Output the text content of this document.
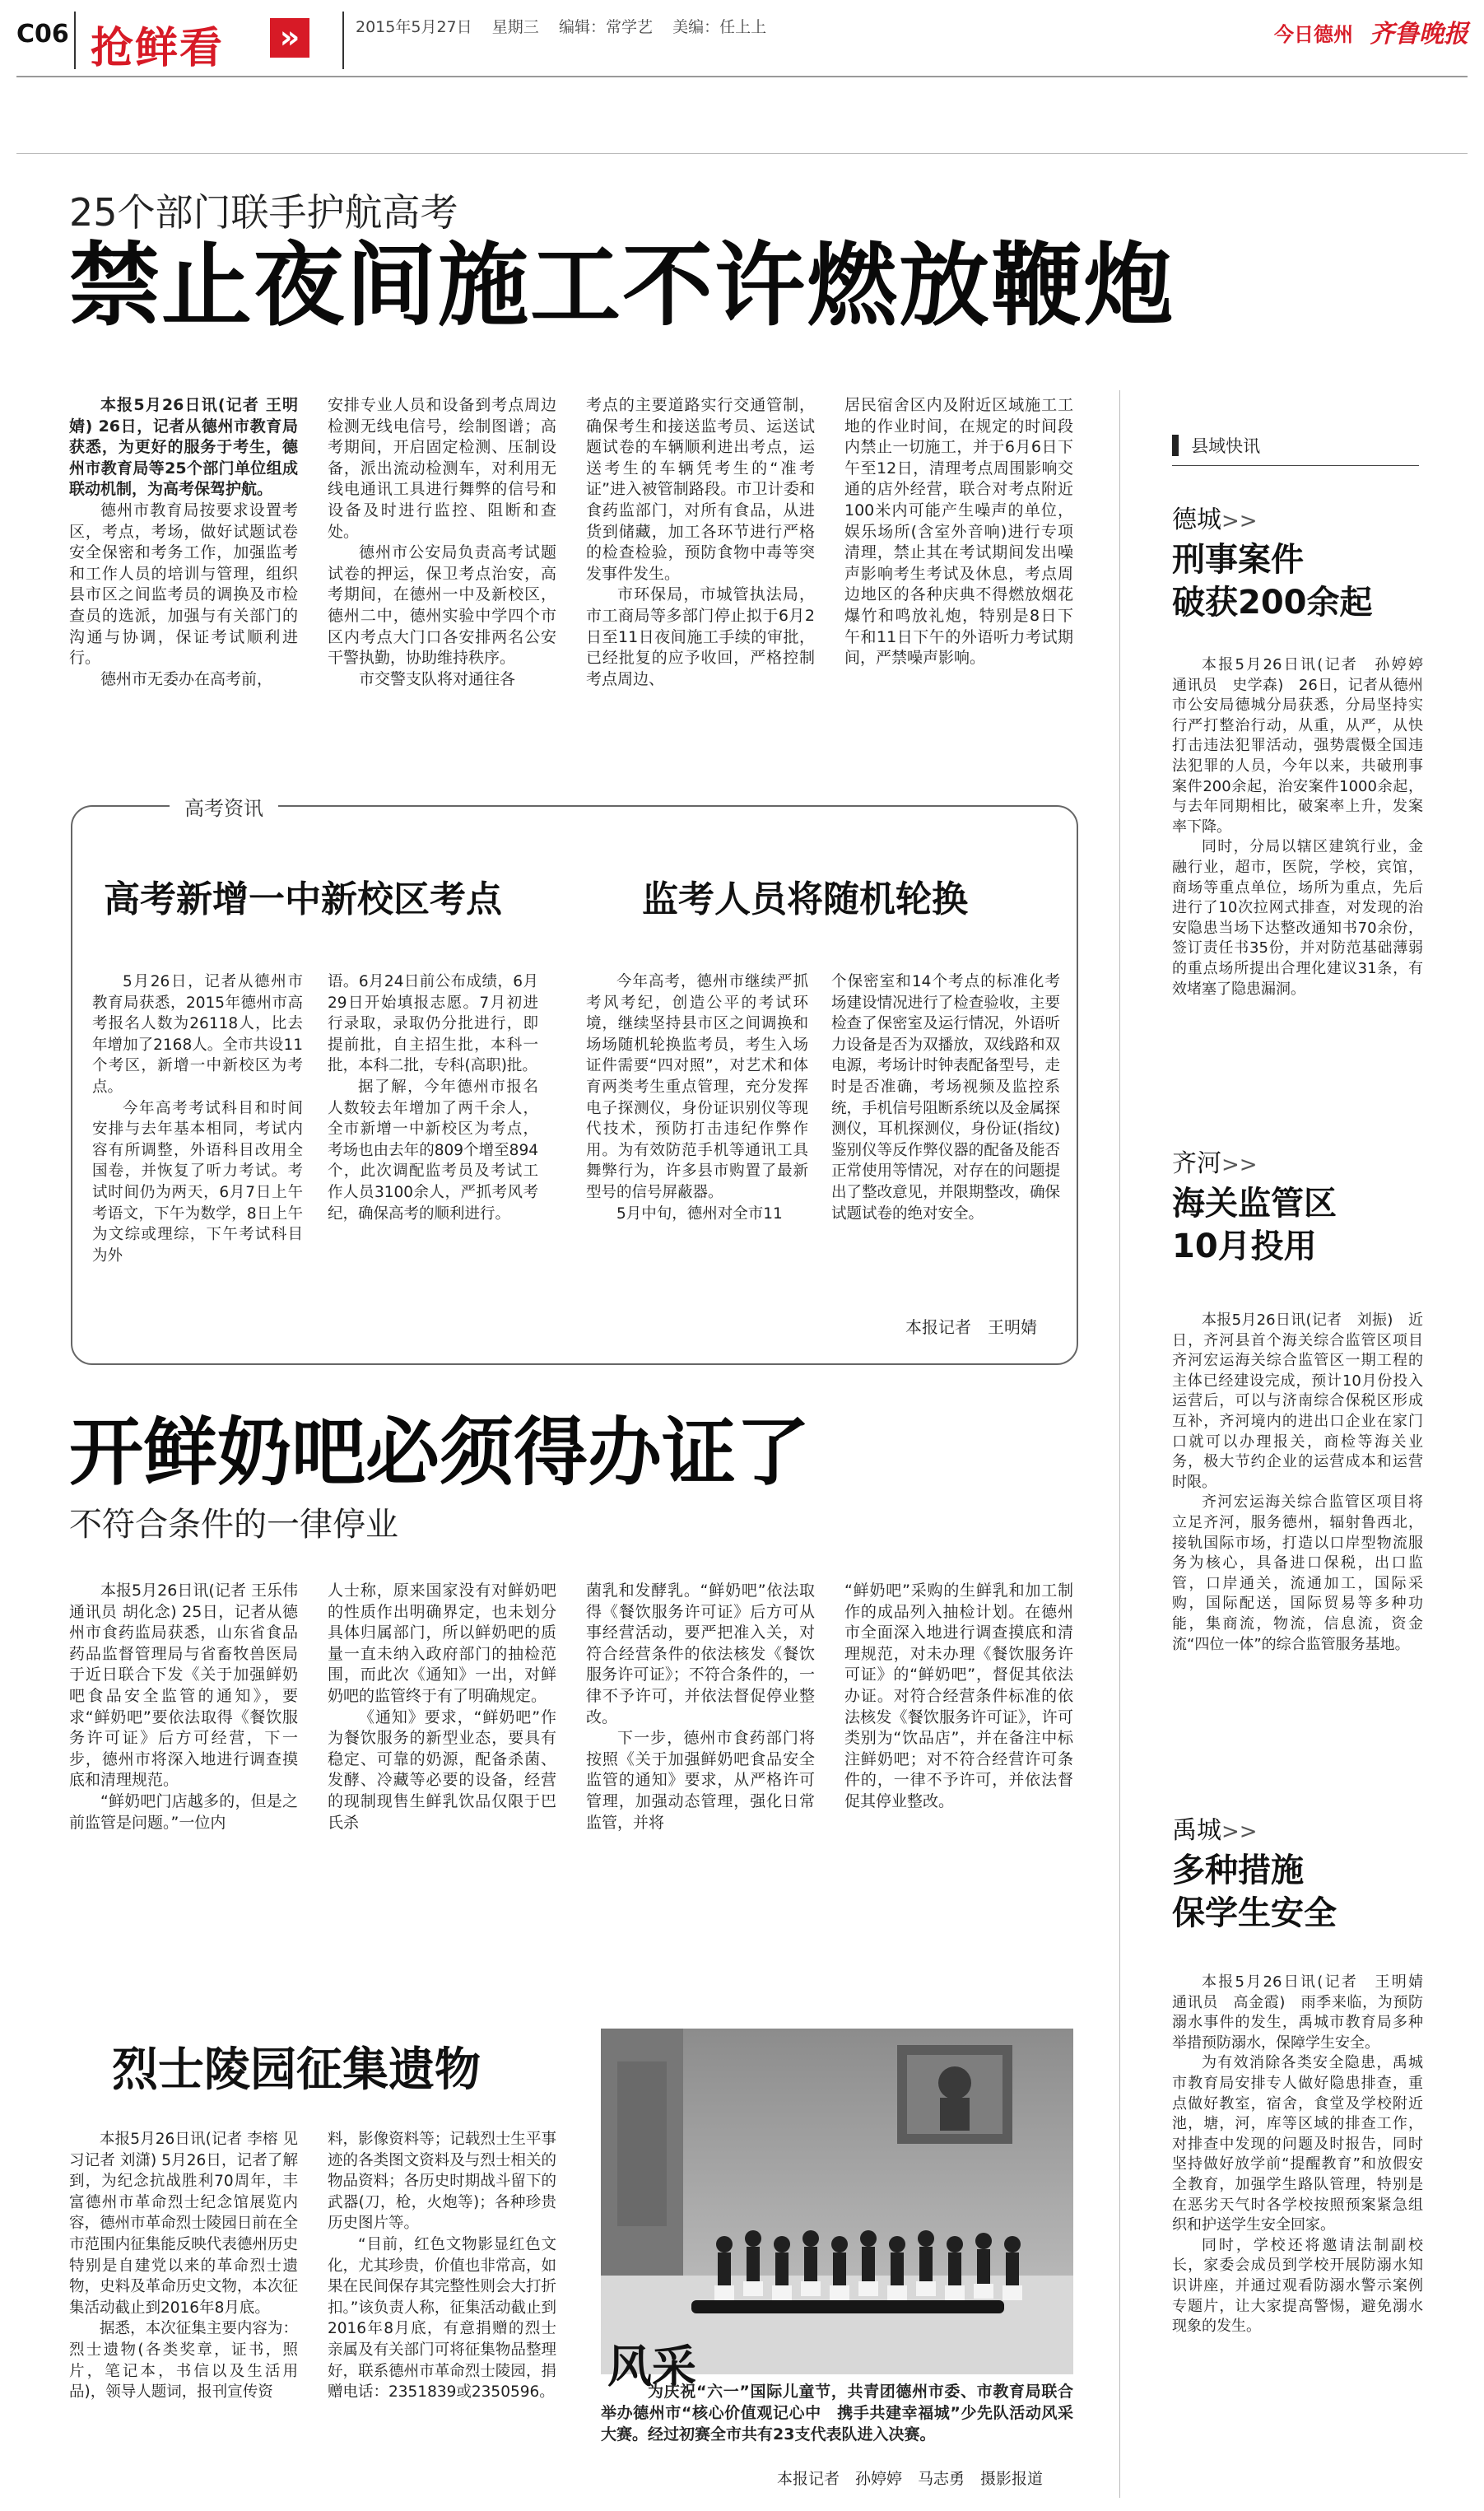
C06 抢鲜看	»	2015年5月27日 星期三 编辑：常学艺 美编：任上上	今日德州 齐鲁晚报
25个部门联手护航高考
禁止夜间施工不许燃放鞭炮

本报5月26日讯(记者 王明婧) 26日，记者从德州市教育局获悉，为更好的服务于考生，德州市教育局等25个部门单位组成联动机制，为高考保驾护航。

德州市教育局按要求设置考区，考点，考场，做好试题试卷安全保密和考务工作，加强监考和工作人员的培训与管理，组织县市区之间监考员的调换及市检查员的选派，加强与有关部门的沟通与协调，保证考试顺利进行。

德州市无委办在高考前，

安排专业人员和设备到考点周边检测无线电信号，绘制图谱；高考期间，开启固定检测、压制设备，派出流动检测车，对利用无线电通讯工具进行舞弊的信号和设备及时进行监控、阻断和查处。

德州市公安局负责高考试题试卷的押运，保卫考点治安，高考期间，在德州一中及新校区，德州二中，德州实验中学四个市区内考点大门口各安排两名公安干警执勤，协助维持秩序。

市交警支队将对通往各

考点的主要道路实行交通管制，确保考生和接送监考员、运送试题试卷的车辆顺利进出考点，运送考生的车辆凭考生的“准考证”进入被管制路段。市卫计委和食药监部门，对所有食品，从进货到储藏，加工各环节进行严格的检查检验，预防食物中毒等突发事件发生。

市环保局，市城管执法局，市工商局等多部门停止拟于6月2日至11日夜间施工手续的审批，已经批复的应予收回，严格控制考点周边、

居民宿舍区内及附近区域施工工地的作业时间，在规定的时间段内禁止一切施工，并于6月6日下午至12日，清理考点周围影响交通的店外经营，联合对考点附近100米内可能产生噪声的单位，娱乐场所(含室外音响)进行专项清理，禁止其在考试期间发出噪声影响考生考试及休息，考点周边地区的各种庆典不得燃放烟花爆竹和鸣放礼炮，特别是8日下午和11日下午的外语听力考试期间，严禁噪声影响。

高考资讯
高考新增一中新校区考点	监考人员将随机轮换

5月26日，记者从德州市教育局获悉，2015年德州市高考报名人数为26118人，比去年增加了2168人。全市共设11个考区，新增一中新校区为考点。

今年高考考试科目和时间安排与去年基本相同，考试内容有所调整，外语科目改用全国卷，并恢复了听力考试。考试时间仍为两天，6月7日上午考语文，下午为数学，8日上午为文综或理综，下午考试科目为外

语。6月24日前公布成绩，6月29日开始填报志愿。7月初进行录取，录取仍分批进行，即提前批，自主招生批，本科一批，本科二批，专科(高职)批。

据了解，今年德州市报名人数较去年增加了两千余人，全市新增一中新校区为考点，考场也由去年的809个增至894个，此次调配监考员及考试工作人员3100余人，严抓考风考纪，确保高考的顺利进行。

今年高考，德州市继续严抓考风考纪，创造公平的考试环境，继续坚持县市区之间调换和场场随机轮换监考员，考生入场证件需要“四对照”，对艺术和体育两类考生重点管理，充分发挥电子探测仪，身份证识别仪等现代技术，预防打击违纪作弊作用。为有效防范手机等通讯工具舞弊行为，许多县市购置了最新型号的信号屏蔽器。

5月中旬，德州对全市11

个保密室和14个考点的标准化考场建设情况进行了检查验收，主要检查了保密室及运行情况，外语听力设备是否为双播放，双线路和双电源，考场计时钟表配备型号，走时是否准确，考场视频及监控系统，手机信号阻断系统以及金属探测仪，耳机探测仪，身份证(指纹)鉴别仪等反作弊仪器的配备及能否正常使用等情况，对存在的问题提出了整改意见，并限期整改，确保试题试卷的绝对安全。

本报记者　王明婧
开鲜奶吧必须得办证了
不符合条件的一律停业

本报5月26日讯(记者 王乐伟 通讯员 胡化念) 25日，记者从德州市食药监局获悉，山东省食品药品监督管理局与省畜牧兽医局于近日联合下发《关于加强鲜奶吧食品安全监管的通知》，要求“鲜奶吧”要依法取得《餐饮服务许可证》后方可经营，下一步，德州市将深入地进行调查摸底和清理规范。

“鲜奶吧门店越多的，但是之前监管是问题。”一位内

人士称，原来国家没有对鲜奶吧的性质作出明确界定，也未划分具体归属部门，所以鲜奶吧的质量一直未纳入政府部门的抽检范围，而此次《通知》一出，对鲜奶吧的监管终于有了明确规定。

《通知》要求，“鲜奶吧”作为餐饮服务的新型业态，要具有稳定、可靠的奶源，配备杀菌、发酵、冷藏等必要的设备，经营的现制现售生鲜乳饮品仅限于巴氏杀

菌乳和发酵乳。“鲜奶吧”依法取得《餐饮服务许可证》后方可从事经营活动，要严把准入关，对符合经营条件的依法核发《餐饮服务许可证》；不符合条件的，一律不予许可，并依法督促停业整改。

下一步，德州市食药部门将按照《关于加强鲜奶吧食品安全监管的通知》要求，从严格许可管理，加强动态管理，强化日常监管，并将

“鲜奶吧”采购的生鲜乳和加工制作的成品列入抽检计划。在德州市全面深入地进行调查摸底和清理规范，对未办理《餐饮服务许可证》的“鲜奶吧”，督促其依法办证。对符合经营条件标准的依法核发《餐饮服务许可证》，许可类别为“饮品店”，并在备注中标注鲜奶吧；对不符合经营许可条件的，一律不予许可，并依法督促其停业整改。

烈士陵园征集遗物

本报5月26日讯(记者 李榕 见习记者 刘潇) 5月26日，记者了解到，为纪念抗战胜利70周年，丰富德州市革命烈士纪念馆展览内容，德州市革命烈士陵园日前在全市范围内征集能反映代表德州历史特别是自建党以来的革命烈士遗物，史料及革命历史文物，本次征集活动截止到2016年8月底。

据悉，本次征集主要内容为：烈士遗物(各类奖章，证书，照片，笔记本，书信以及生活用品)，领导人题词，报刊宣传资

料，影像资料等；记载烈士生平事迹的各类图文资料及与烈士相关的物品资料；各历史时期战斗留下的武器(刀，枪，火炮等)；各种珍贵历史图片等。

“目前，红色文物影显红色文化，尤其珍贵，价值也非常高，如果在民间保存其完整性则会大打折扣。”该负责人称，征集活动截止到2016年8月底，有意捐赠的烈士亲属及有关部门可将征集物品整理好，联系德州市革命烈士陵园，捐赠电话：2351839或2350596。 风采
为庆祝“六一”国际儿童节，共青团德州市委、市教育局联合举办德州市“核心价值观记心中　携手共建幸福城”少先队活动风采大赛。经过初赛全市共有23支代表队进入决赛。
本报记者　孙婷婷　马志勇　摄影报道
县域快讯
德城>>
刑事案件
破获200余起

本报5月26日讯(记者　孙婷婷　通讯员　史学森)　26日，记者从德州市公安局德城分局获悉，分局坚持实行严打整治行动，从重，从严，从快打击违法犯罪活动，强势震慑全国违法犯罪的人员，今年以来，共破刑事案件200余起，治安案件1000余起，与去年同期相比，破案率上升，发案率下降。

同时，分局以辖区建筑行业，金融行业，超市，医院，学校，宾馆，商场等重点单位，场所为重点，先后进行了10次拉网式排查，对发现的治安隐患当场下达整改通知书70余份，签订责任书35份，并对防范基础薄弱的重点场所提出合理化建议31条，有效堵塞了隐患漏洞。

齐河>>
海关监管区
10月投用

本报5月26日讯(记者　刘振)　近日，齐河县首个海关综合监管区项目齐河宏运海关综合监管区一期工程的主体已经建设完成，预计10月份投入运营后，可以与济南综合保税区形成互补，齐河境内的进出口企业在家门口就可以办理报关，商检等海关业务，极大节约企业的运营成本和运营时限。

齐河宏运海关综合监管区项目将立足齐河，服务德州，辐射鲁西北，接轨国际市场，打造以口岸型物流服务为核心，具备进口保税，出口监管，口岸通关，流通加工，国际采购，国际配送，国际贸易等多种功能，集商流，物流，信息流，资金流“四位一体”的综合监管服务基地。

禹城>>
多种措施
保学生安全

本报5月26日讯(记者　王明婧　通讯员　高金霞)　雨季来临，为预防溺水事件的发生，禹城市教育局多种举措预防溺水，保障学生安全。

为有效消除各类安全隐患，禹城市教育局安排专人做好隐患排查，重点做好教室，宿舍，食堂及学校附近池，塘，河，库等区域的排查工作，对排查中发现的问题及时报告，同时坚持做好放学前“提醒教育”和放假安全教育，加强学生路队管理，特别是在恶劣天气时各学校按照预案紧急组织和护送学生安全回家。

同时，学校还将邀请法制副校长，家委会成员到学校开展防溺水知识讲座，并通过观看防溺水警示案例专题片，让大家提高警惕，避免溺水现象的发生。
